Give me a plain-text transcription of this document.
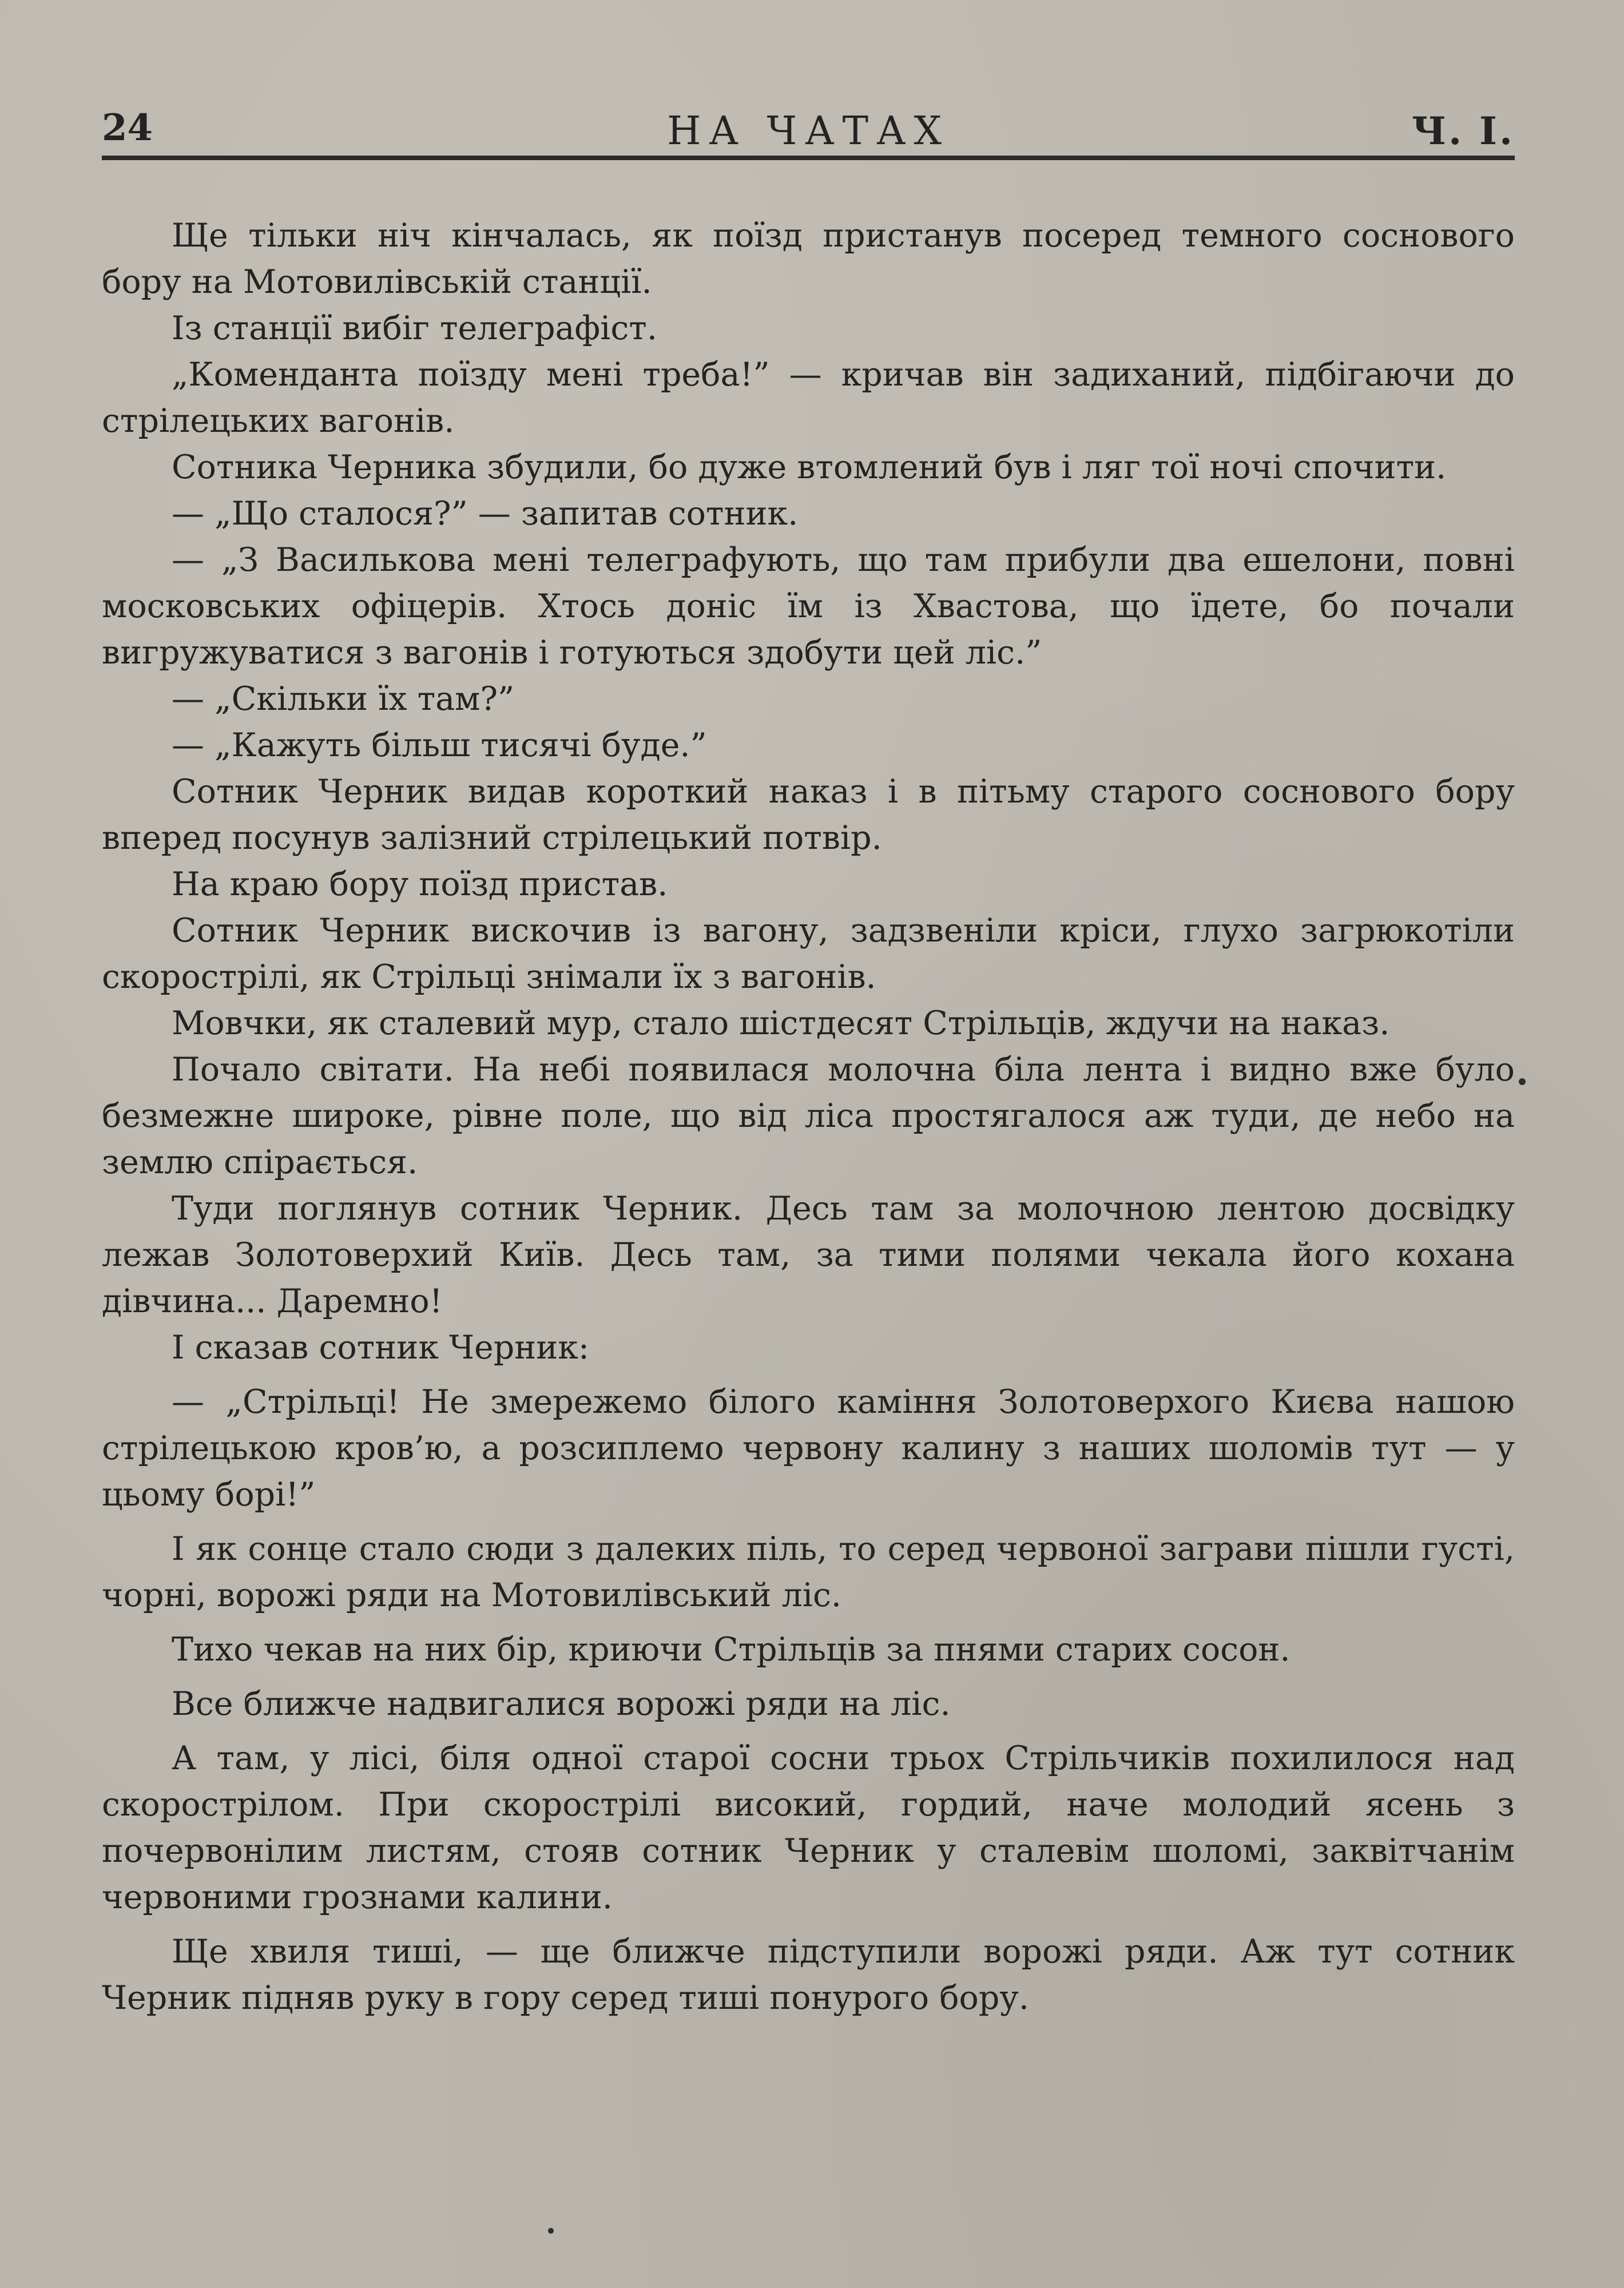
24	НА ЧАТАХ	Ч. І.

Ще тільки ніч кінчалась, як поїзд пристанув посеред темного соснового бору на Мотовилівській станції.

Із станції вибіг телеграфіст.

„Коменданта поїзду мені треба!” — кричав він задиханий, підбігаючи до стрілецьких вагонів.

Сотника Черника збудили, бо дуже втомлений був і ляг тої ночі спочити.

— „Що сталося?” — запитав сотник.

— „З Василькова мені телеграфують, що там прибули два ешелони, повні московських офіцерів. Хтось доніс їм із Хвастова, що їдете, бо почали вигружуватися з вагонів і готуються здобути цей ліс.”

— „Скільки їх там?”

— „Кажуть більш тисячі буде.”

Сотник Черник видав короткий наказ і в пітьму старого соснового бору вперед посунув залізний стрілецький потвір.

На краю бору поїзд пристав.

Сотник Черник вискочив із вагону, задзвеніли кріси, глухо загрюкотіли скорострілі, як Стрільці знімали їх з вагонів.

Мовчки, як сталевий мур, стало шістдесят Стрільців, ждучи на наказ.

Почало світати. На небі появилася молочна біла лента і видно вже було безмежне широке, рівне поле, що від ліса простягалося аж туди, де небо на землю спірається.

Туди поглянув сотник Черник. Десь там за молочною лентою досвідку лежав Золотоверхий Київ. Десь там, за тими полями чекала його кохана дівчина... Даремно!

І сказав сотник Черник:

— „Стрільці! Не змережемо білого каміння Золотоверхого Києва нашою стрілецькою кров’ю, а розсиплемо червону калину з наших шоломів тут — у цьому борі!”

І як сонце стало сюди з далеких піль, то серед червоної заграви пішли густі, чорні, ворожі ряди на Мотовилівський ліс.

Тихо чекав на них бір, криючи Стрільців за пнями старих сосон.

Все ближче надвигалися ворожі ряди на ліс.

А там, у лісі, біля одної старої сосни трьох Стрільчиків похилилося над скорострілом. При скорострілі високий, гордий, наче молодий ясень з почервонілим листям, стояв сотник Черник у сталевім шоломі, заквітчанім червоними грознами калини.

Ще хвиля тиші, — ще ближче підступили ворожі ряди. Аж тут сотник Черник підняв руку в гору серед тиші понурого бору.
